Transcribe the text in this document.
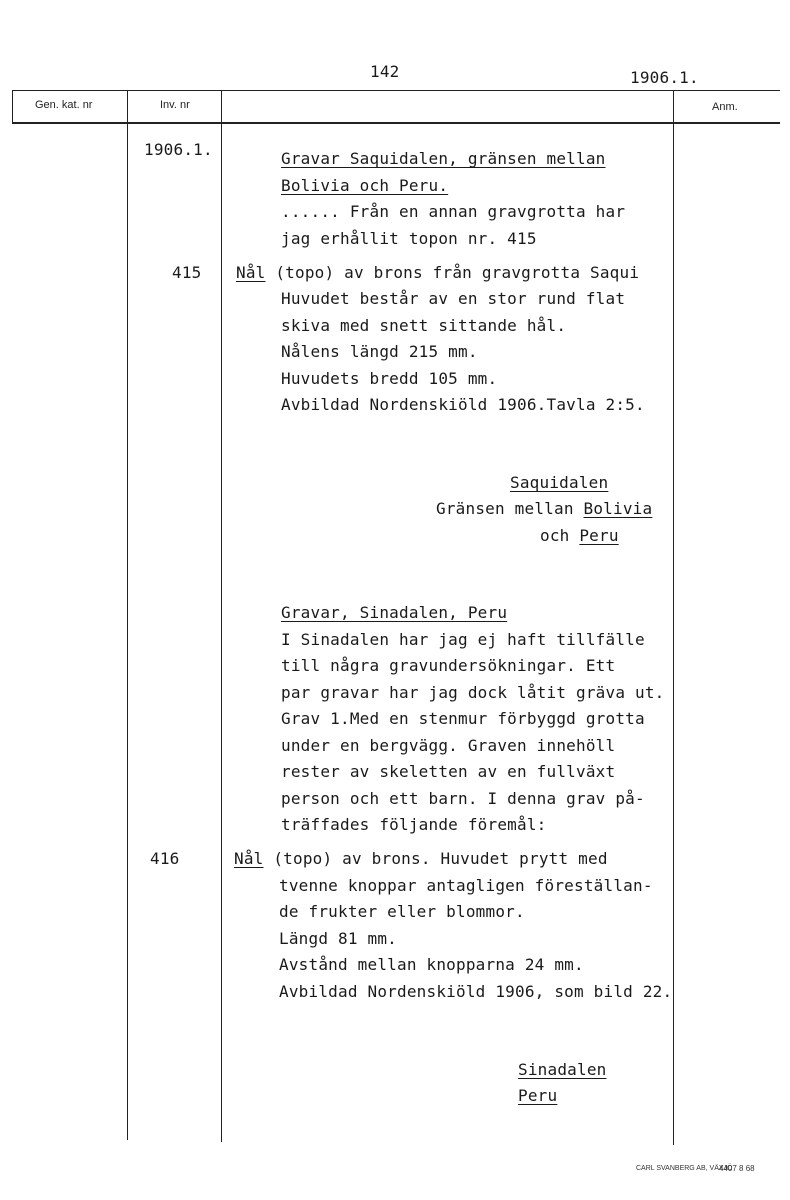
142	1906.1.
Gen. kat. nr	Inv. nr	Anm.
1906.1.	Gravar Saquidalen, gränsen mellan
Bolivia och Peru.
...... Från en annan gravgrotta har
jag erhållit topon nr. 415
415 Nål (topo) av brons från gravgrotta Saqui
Huvudet består av en stor rund flat
skiva med snett sittande hål.
Nålens längd 215 mm.
Huvudets bredd 105 mm.
Avbildad Nordenskiöld 1906.Tavla 2:5.
Saquidalen
Gränsen mellan Bolivia
och Peru
Gravar, Sinadalen, Peru
I Sinadalen har jag ej haft tillfälle
till några gravundersökningar. Ett
par gravar har jag dock låtit gräva ut.
Grav 1.Med en stenmur förbyggd grotta
under en bergvägg. Graven innehöll
rester av skeletten av en fullväxt
person och ett barn. I denna grav på-
träffades följande föremål:
416	Nål (topo) av brons. Huvudet prytt med
tvenne knoppar antagligen föreställan-
de frukter eller blommor.
Längd 81 mm.
Avstånd mellan knopparna 24 mm.
Avbildad Nordenskiöld 1906, som bild 22.
Sinadalen
Peru
CARL SVANBERG AB, VÄXJÖ
4407 8 68
